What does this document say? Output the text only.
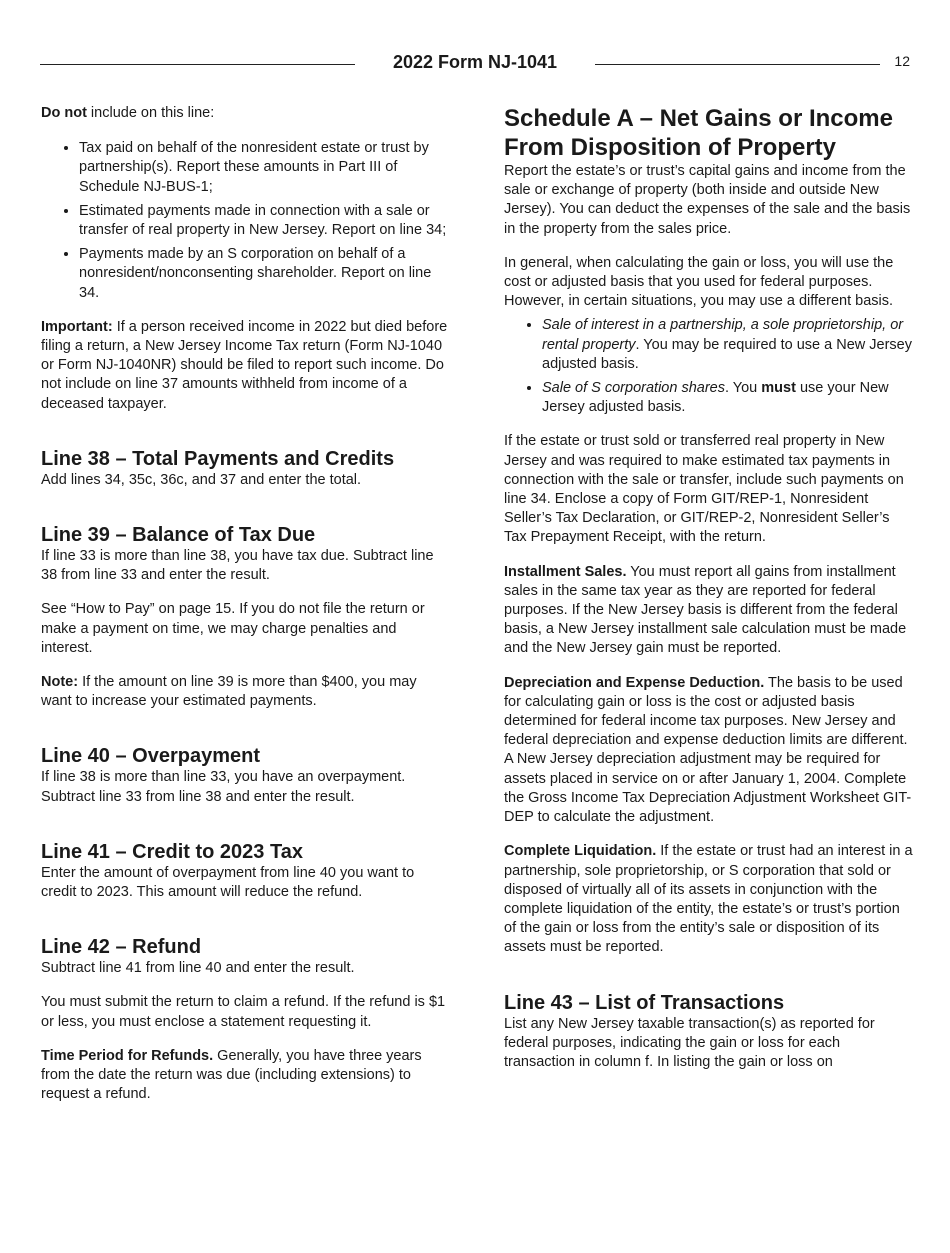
2022 Form NJ-1041	12

Do not include on this line:

• Tax paid on behalf of the nonresident estate or trust by partnership(s). Report these amounts in Part III of Schedule NJ-BUS-1;
• Estimated payments made in connection with a sale or transfer of real property in New Jersey. Report on line 34;
• Payments made by an S corporation on behalf of a nonresident/nonconsenting shareholder. Report on line 34.

Important: If a person received income in 2022 but died before filing a return, a New Jersey Income Tax return (Form NJ-1040 or Form NJ-1040NR) should be filed to report such income. Do not include on line 37 amounts withheld from income of a deceased taxpayer.

Line 38 – Total Payments and Credits

Add lines 34, 35c, 36c, and 37 and enter the total.

Line 39 – Balance of Tax Due

If line 33 is more than line 38, you have tax due. Subtract line 38 from line 33 and enter the result.

See “How to Pay” on page 15. If you do not file the return or make a payment on time, we may charge penalties and interest.

Note: If the amount on line 39 is more than $400, you may want to increase your estimated payments.

Line 40 – Overpayment

If line 38 is more than line 33, you have an overpayment. Subtract line 33 from line 38 and enter the result.

Line 41 – Credit to 2023 Tax

Enter the amount of overpayment from line 40 you want to credit to 2023. This amount will reduce the refund.

Line 42 – Refund

Subtract line 41 from line 40 and enter the result.

You must submit the return to claim a refund. If the refund is $1 or less, you must enclose a statement requesting it.

Time Period for Refunds. Generally, you have three years from the date the return was due (including extensions) to request a refund.

Schedule A – Net Gains or Income From Disposition of Property

Report the estate’s or trust’s capital gains and income from the sale or exchange of property (both inside and outside New Jersey). You can deduct the expenses of the sale and the basis in the property from the sales price.

In general, when calculating the gain or loss, you will use the cost or adjusted basis that you used for federal purposes. However, in certain situations, you may use a different basis.

• Sale of interest in a partnership, a sole proprietorship, or rental property. You may be required to use a New Jersey adjusted basis.
• Sale of S corporation shares. You must use your New Jersey adjusted basis.

If the estate or trust sold or transferred real property in New Jersey and was required to make estimated tax payments in connection with the sale or transfer, include such payments on line 34. Enclose a copy of Form GIT/REP-1, Nonresident Seller’s Tax Declaration, or GIT/REP-2, Nonresident Seller’s Tax Prepayment Receipt, with the return.

Installment Sales. You must report all gains from installment sales in the same tax year as they are reported for federal purposes. If the New Jersey basis is different from the federal basis, a New Jersey installment sale calculation must be made and the New Jersey gain must be reported.

Depreciation and Expense Deduction. The basis to be used for calculating gain or loss is the cost or adjusted basis determined for federal income tax purposes. New Jersey and federal depreciation and expense deduction limits are different. A New Jersey depreciation adjustment may be required for assets placed in service on or after January 1, 2004. Complete the Gross Income Tax Depreciation Adjustment Worksheet GIT-DEP to calculate the adjustment.

Complete Liquidation. If the estate or trust had an interest in a partnership, sole proprietorship, or S corporation that sold or disposed of virtually all of its assets in conjunction with the complete liquidation of the entity, the estate’s or trust’s portion of the gain or loss from the entity’s sale or disposition of its assets must be reported.

Line 43 – List of Transactions

List any New Jersey taxable transaction(s) as reported for federal purposes, indicating the gain or loss for each transaction in column f. In listing the gain or loss on
